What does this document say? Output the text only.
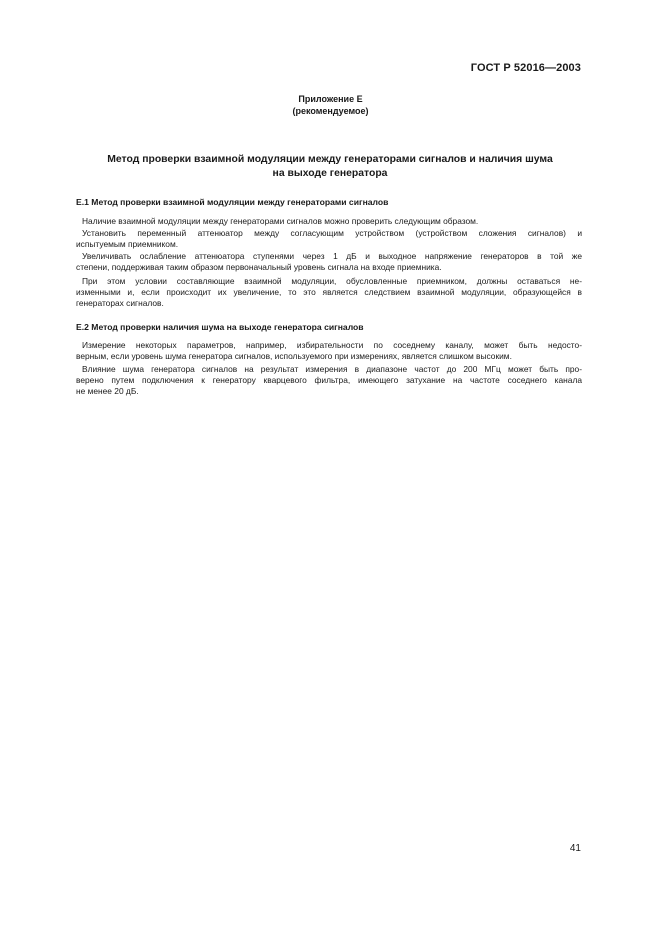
ГОСТ Р 52016—2003
Приложение Е
(рекомендуемое)
Метод проверки взаимной модуляции между генераторами сигналов и наличия шума
на выходе генератора
Е.1 Метод проверки взаимной модуляции между генераторами сигналов
Наличие взаимной модуляции между генераторами сигналов можно проверить следующим образом.
Установить переменный аттенюатор между согласующим устройством (устройством сложения сигналов) и
испытуемым приемником.
Увеличивать ослабление аттенюатора ступенями через 1 дБ и выходное напряжение генераторов в той же
степени, поддерживая таким образом первоначальный уровень сигнала на входе приемника.
При этом условии составляющие взаимной модуляции, обусловленные приемником, должны оставаться не-
изменными и, если происходит их увеличение, то это является следствием взаимной модуляции, образующейся в
генераторах сигналов.
Е.2 Метод проверки наличия шума на выходе генератора сигналов
Измерение некоторых параметров, например, избирательности по соседнему каналу, может быть недосто-
верным, если уровень шума генератора сигналов, используемого при измерениях, является слишком высоким.
Влияние шума генератора сигналов на результат измерения в диапазоне частот до 200 МГц может быть про-
верено путем подключения к генератору кварцевого фильтра, имеющего затухание на частоте соседнего канала
не менее 20 дБ.
41
